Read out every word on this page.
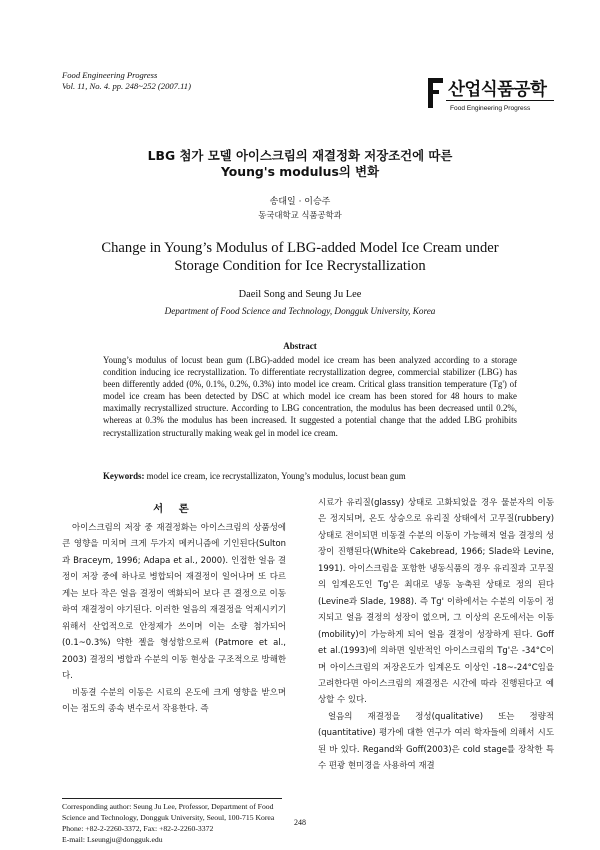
Food Engineering Progress
Vol. 11, No. 4. pp. 248~252 (2007.11)	산업식품공학
Food Engineering Progress
LBG 첨가 모델 아이스크림의 재결정화 저장조건에 따른
Young's modulus의 변화
송대일 · 이승주
동국대학교 식품공학과
Change in Young’s Modulus of LBG-added Model Ice Cream under
Storage Condition for Ice Recrystallization
Daeil Song and Seung Ju Lee
Department of Food Science and Technology, Dongguk University, Korea
Abstract
Young’s modulus of locust bean gum (LBG)-added model ice cream has been analyzed according to a storage condition inducing ice recrystallization. To differentiate recrystallization degree, commercial stabilizer (LBG) has been differently added (0%, 0.1%, 0.2%, 0.3%) into model ice cream. Critical glass transition temperature (Tg') of model ice cream has been detected by DSC at which model ice cream has been stored for 48 hours to make maximally recrystallized structure. According to LBG concentration, the modulus has been decreased until 0.2%, whereas at 0.3% the modulus has been increased. It suggested a potential change that the added LBG prohibits recrystallization structurally making weak gel in model ice cream.
Keywords: model ice cream, ice recrystallizaton, Young’s modulus, locust bean gum
서 론

아이스크림의 저장 중 재결정화는 아이스크림의 상품성에 큰 영향을 미치며 크게 두가지 메커니즘에 기인된다(Sulton과 Braceym, 1996; Adapa et al., 2000). 인접한 얼음 결정이 저장 중에 하나로 병합되어 재결정이 일어나며 또 다르게는 보다 작은 얼음 결정이 액화되어 보다 큰 결정으로 이동하여 재결정이 야기된다. 이러한 얼음의 재결정을 억제시키기 위해서 산업적으로 안정제가 쓰이며 이는 소량 첨가되어(0.1~0.3%) 약한 젤을 형성함으로써 (Patmore et al., 2003) 결정의 병합과 수분의 이동 현상을 구조적으로 방해한다.

비동결 수분의 이동은 시료의 온도에 크게 영향을 받으며 이는 점도의 종속 변수로서 작용한다. 즉

시료가 유리질(glassy) 상태로 고화되었을 경우 물분자의 이동은 정지되며, 온도 상승으로 유리질 상태에서 고무질(rubbery) 상태로 전이되면 비동결 수분의 이동이 가능해져 얼음 결정의 성장이 진행된다(White와 Cakebread, 1966; Slade와 Levine, 1991). 아이스크림을 포함한 냉동식품의 경우 유리질과 고무질의 임계온도인 Tg'은 최대로 냉동 농축된 상태로 정의 된다(Levine과 Slade, 1988). 즉 Tg' 이하에서는 수분의 이동이 정지되고 얼음 결정의 성장이 없으며, 그 이상의 온도에서는 이동(mobility)이 가능하게 되어 얼음 결정이 성장하게 된다. Goff et al.(1993)에 의하면 일반적인 아이스크림의 Tg'은 -34°C이며 아이스크림의 저장온도가 임계온도 이상인 -18~-24°C임을 고려한다면 아이스크림의 재결정은 시간에 따라 진행된다고 예상할 수 있다.

얼음의 재결정을 정성(qualitative) 또는 정량적(quantitative) 평가에 대한 연구가 여러 학자들에 의해서 시도된 바 있다. Regand와 Goff(2003)은 cold stage를 장착한 특수 편광 현미경을 사용하여 재결

Corresponding author: Seung Ju Lee, Professor, Department of Food Science and Technology, Dongguk University, Seoul, 100-715 Korea
Phone: +82-2-2260-3372, Fax: +82-2-2260-3372
E-mail: Lseungju@dongguk.edu
248
